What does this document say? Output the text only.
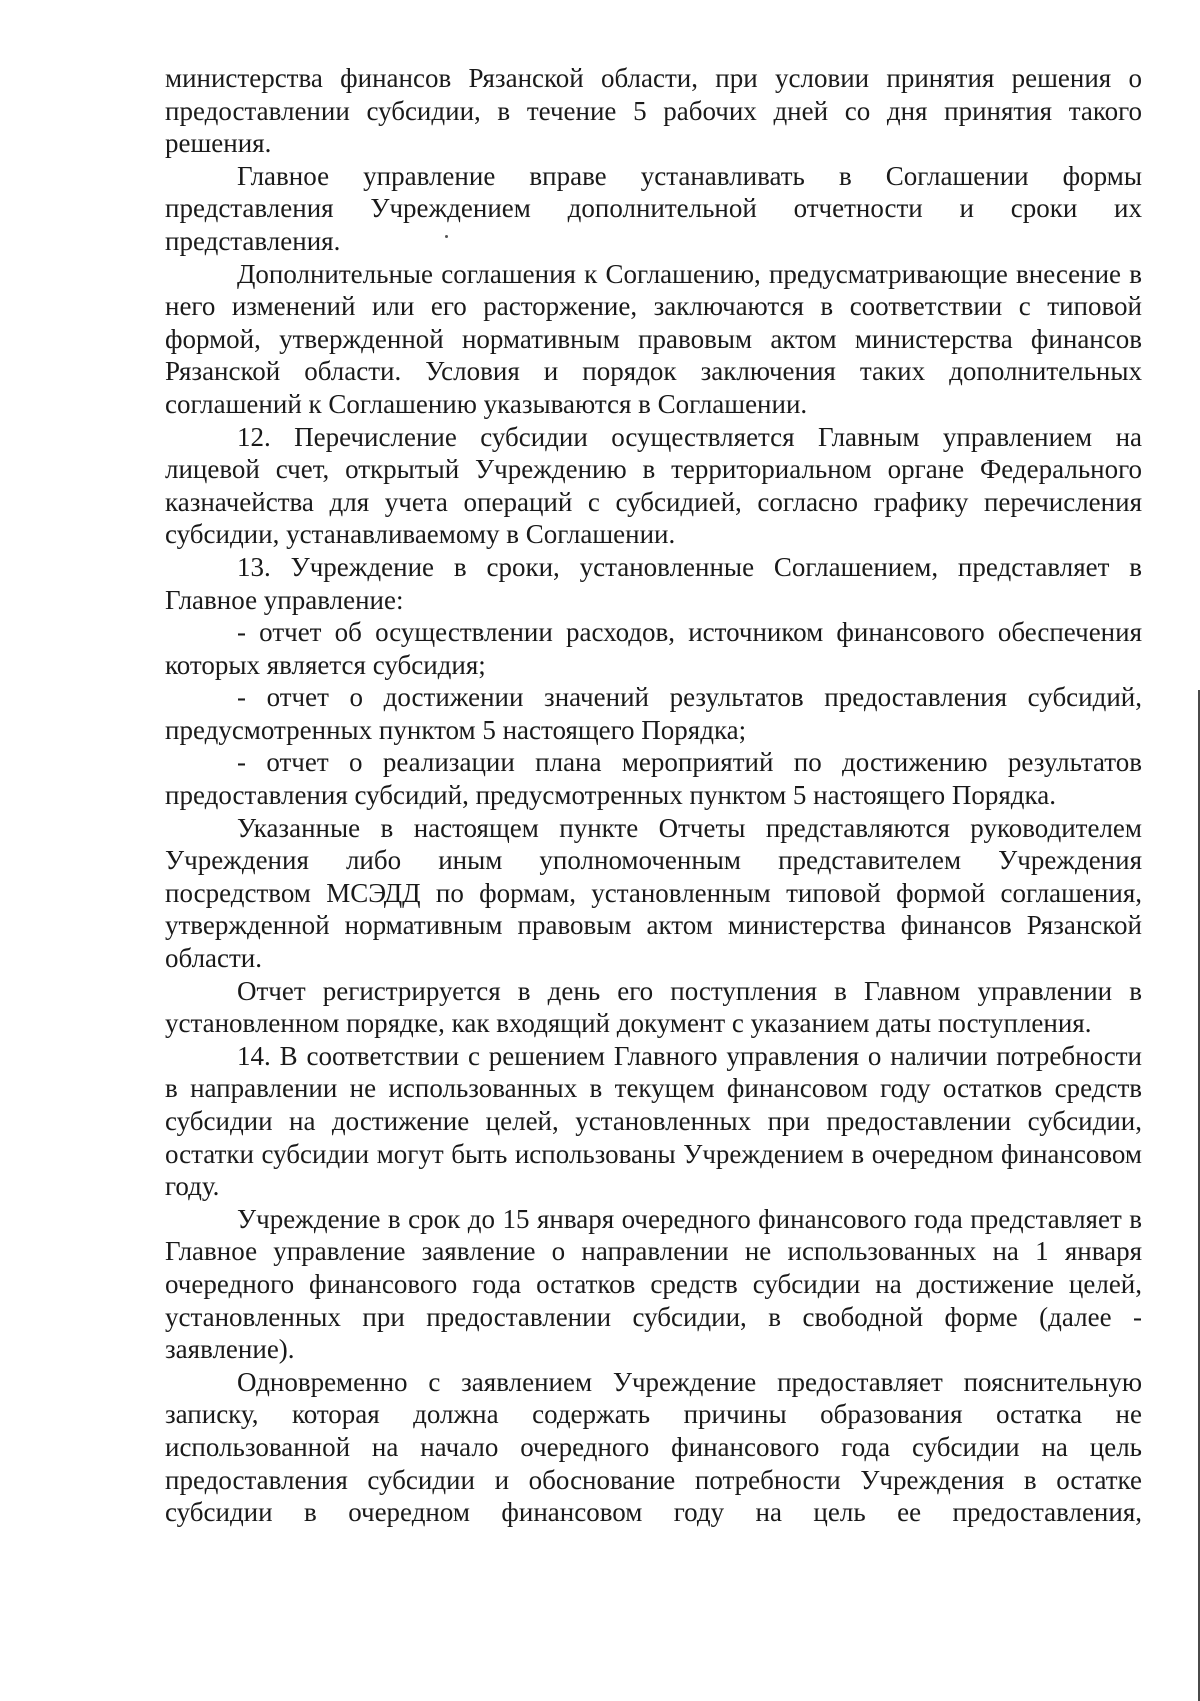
министерства финансов Рязанской области, при условии принятия решения о предоставлении субсидии, в течение 5 рабочих дней со дня принятия такого решения.

Главное управление вправе устанавливать в Соглашении формы представления Учреждением дополнительной отчетности и сроки их представления.

Дополнительные соглашения к Соглашению, предусматривающие внесение в него изменений или его расторжение, заключаются в соответствии с типовой формой, утвержденной нормативным правовым актом министерства финансов Рязанской области. Условия и порядок заключения таких дополнительных соглашений к Соглашению указываются в Соглашении.

12. Перечисление субсидии осуществляется Главным управлением на лицевой счет, открытый Учреждению в территориальном органе Федерального казначейства для учета операций с субсидией, согласно графику перечисления субсидии, устанавливаемому в Соглашении.

13. Учреждение в сроки, установленные Соглашением, представляет в Главное управление:

- отчет об осуществлении расходов, источником финансового обеспечения которых является субсидия;

- отчет о достижении значений результатов предоставления субсидий, предусмотренных пунктом 5 настоящего Порядка;

- отчет о реализации плана мероприятий по достижению результатов предоставления субсидий, предусмотренных пунктом 5 настоящего Порядка.

Указанные в настоящем пункте Отчеты представляются руководителем Учреждения либо иным уполномоченным представителем Учреждения посредством МСЭДД по формам, установленным типовой формой соглашения, утвержденной нормативным правовым актом министерства финансов Рязанской области.

Отчет регистрируется в день его поступления в Главном управлении в установленном порядке, как входящий документ с указанием даты поступления.

14. В соответствии с решением Главного управления о наличии потребности в направлении не использованных в текущем финансовом году остатков средств субсидии на достижение целей, установленных при предоставлении субсидии, остатки субсидии могут быть использованы Учреждением в очередном финансовом году.

Учреждение в срок до 15 января очередного финансового года представляет в Главное управление заявление о направлении не использованных на 1 января очередного финансового года остатков средств субсидии на достижение целей, установленных при предоставлении субсидии, в свободной форме (далее - заявление).

Одновременно с заявлением Учреждение предоставляет пояснительную записку, которая должна содержать причины образования остатка не использованной на начало очередного финансового года субсидии на цель предоставления субсидии и обоснование потребности Учреждения в остатке субсидии в очередном финансовом году на цель ее предоставления,
